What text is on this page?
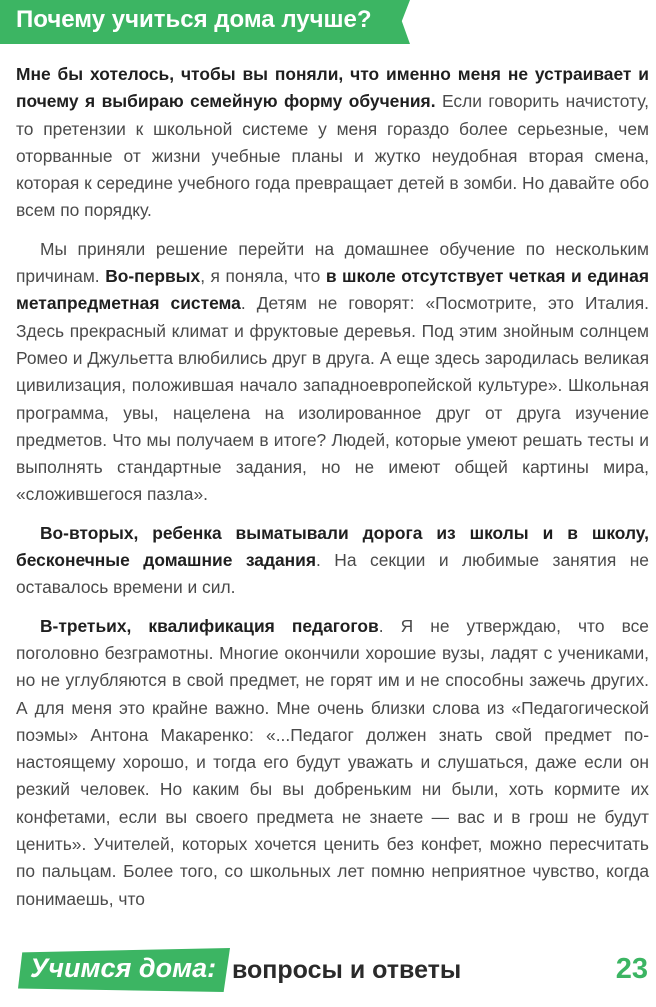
Почему учиться дома лучше?

Мне бы хотелось, чтобы вы поняли, что именно меня не устраивает и почему я выбираю семейную форму обучения. Если говорить начистоту, то претензии к школьной системе у меня гораздо более серьезные, чем оторванные от жизни учебные планы и жутко неудобная вторая смена, которая к середине учебного года превращает детей в зомби. Но давайте обо всем по порядку.

Мы приняли решение перейти на домашнее обучение по нескольким причинам. Во-первых, я поняла, что в школе отсутствует четкая и единая метапредметная система. Детям не говорят: «Посмотрите, это Италия. Здесь прекрасный климат и фруктовые деревья. Под этим знойным солнцем Ромео и Джульетта влюбились друг в друга. А еще здесь зародилась великая цивилизация, положившая начало западноевропейской культуре». Школьная программа, увы, нацелена на изолированное друг от друга изучение предметов. Что мы получаем в итоге? Людей, которые умеют решать тесты и выполнять стандартные задания, но не имеют общей картины мира, «сложившегося пазла».

Во-вторых, ребенка выматывали дорога из школы и в школу, бесконечные домашние задания. На секции и любимые занятия не оставалось времени и сил.

В-третьих, квалификация педагогов. Я не утверждаю, что все поголовно безграмотны. Многие окончили хорошие вузы, ладят с учениками, но не углубляются в свой предмет, не горят им и не способны зажечь других. А для меня это крайне важно. Мне очень близки слова из «Педагогической поэмы» Антона Макаренко: «...Педагог должен знать свой предмет по-настоящему хорошо, и тогда его будут уважать и слушаться, даже если он резкий человек. Но каким бы вы добреньким ни были, хоть кормите их конфетами, если вы своего предмета не знаете — вас и в грош не будут ценить». Учителей, которых хочется ценить без конфет, можно пересчитать по пальцам. Более того, со школьных лет помню неприятное чувство, когда понимаешь, что

Учимся дома: вопросы и ответы	23
